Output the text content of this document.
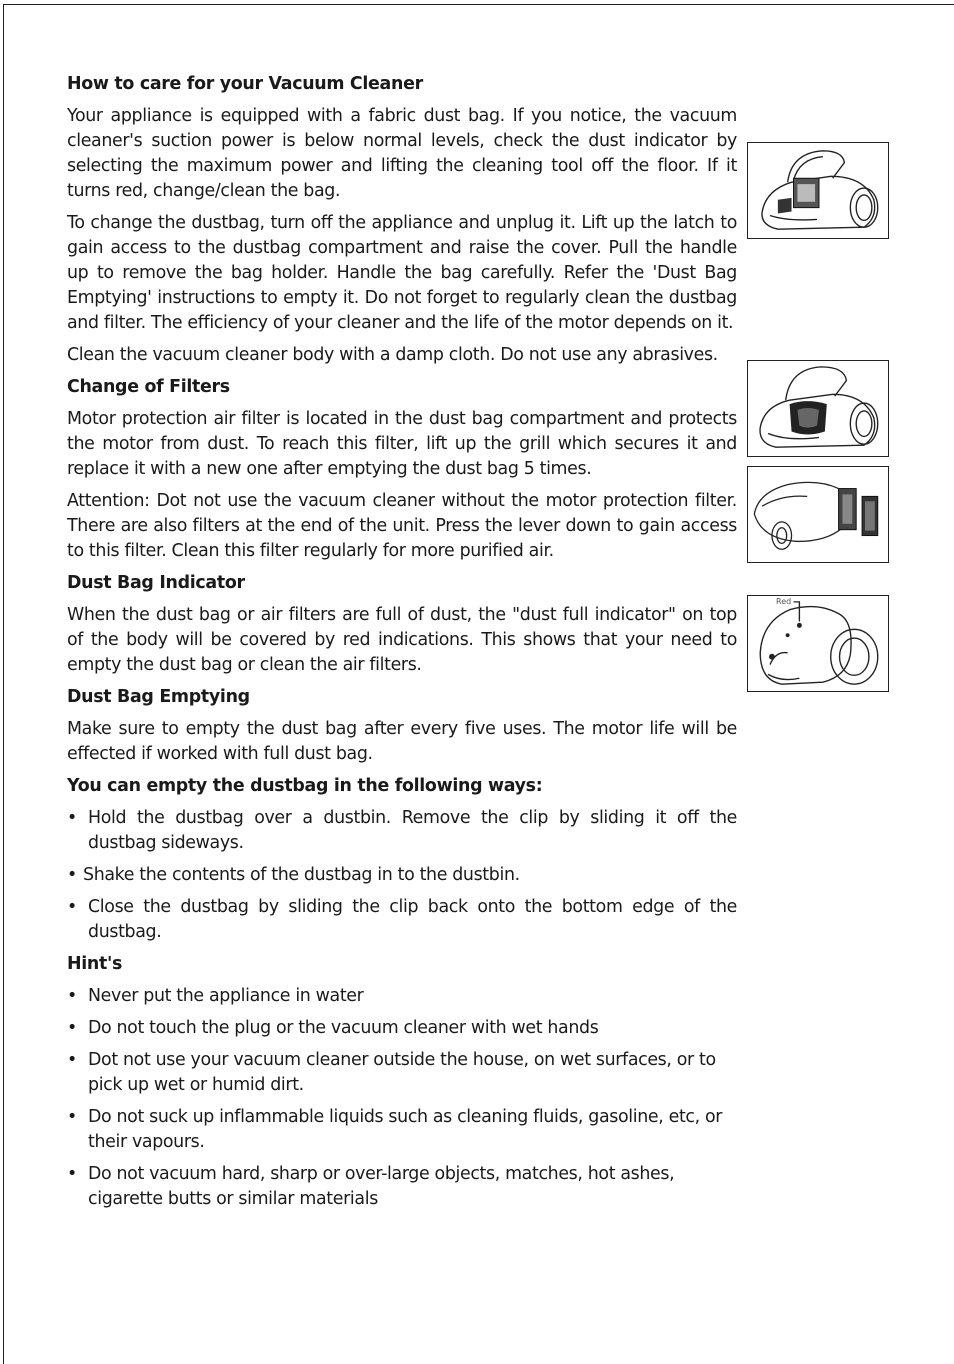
How to care for your Vacuum Cleaner

Your appliance is equipped with a fabric dust bag. If you notice, the vacuum cleaner's suction power is below normal levels, check the dust indicator by selecting the maximum power and lifting the cleaning tool off the floor. If it turns red, change/clean the bag.

To change the dustbag, turn off the appliance and unplug it. Lift up the latch to gain access to the dustbag compartment and raise the cover. Pull the handle up to remove the bag holder. Handle the bag carefully. Refer the 'Dust Bag Emptying' instructions to empty it. Do not forget to regularly clean the dustbag and filter. The efficiency of your cleaner and the life of the motor depends on it.

Clean the vacuum cleaner body with a damp cloth. Do not use any abrasives.

Change of Filters

Motor protection air filter is located in the dust bag compartment and protects the motor from dust. To reach this filter, lift up the grill which secures it and replace it with a new one after emptying the dust bag 5 times.

Attention: Dot not use the vacuum cleaner without the motor protection filter. There are also filters at the end of the unit. Press the lever down to gain access to this filter. Clean this filter regularly for more purified air.

Dust Bag Indicator

When the dust bag or air filters are full of dust, the "dust full indicator" on top of the body will be covered by red indications. This shows that your need to empty the dust bag or clean the air filters.

Dust Bag Emptying

Make sure to empty the dust bag after every five uses. The motor life will be effected if worked with full dust bag.

You can empty the dustbag in the following ways:
• Hold the dustbag over a dustbin. Remove the clip by sliding it off the dustbag sideways.
• Shake the contents of the dustbag in to the dustbin.
• Close the dustbag by sliding the clip back onto the bottom edge of the dustbag.
Hint's
• Never put the appliance in water
• Do not touch the plug or the vacuum cleaner with wet hands
• Dot not use your vacuum cleaner outside the house, on wet surfaces, or to pick up wet or humid dirt.
• Do not suck up inflammable liquids such as cleaning fluids, gasoline, etc, or their vapours.
• Do not vacuum hard, sharp or over-large objects, matches, hot ashes, cigarette butts or similar materials
Red
